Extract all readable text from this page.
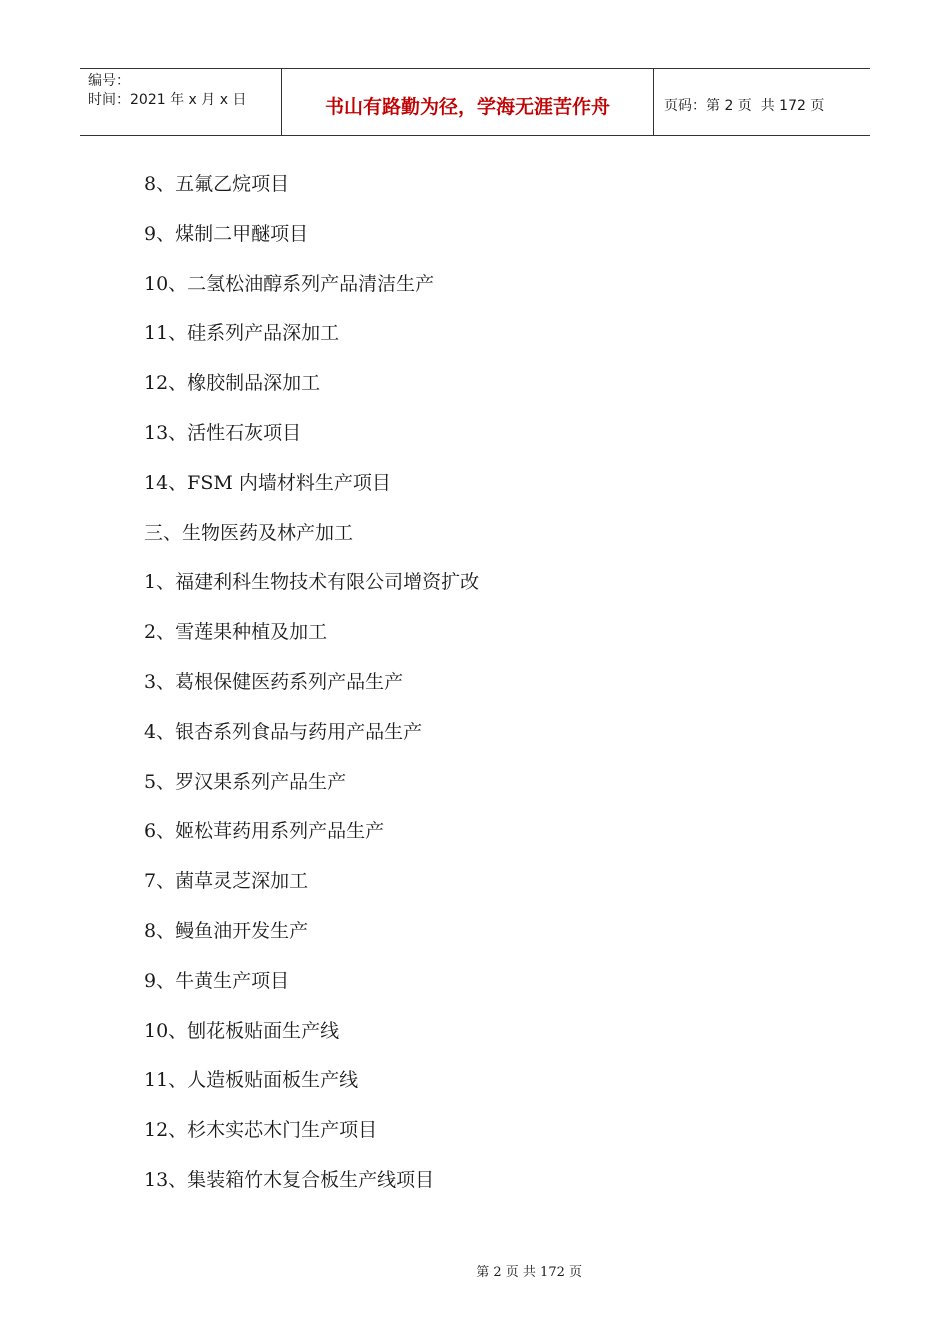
编号：
时间：2021 年 x 月 x 日	书山有路勤为径，学海无涯苦作舟	页码：第 2 页  共 172 页
8、五氟乙烷项目
9、煤制二甲醚项目
10、二氢松油醇系列产品清洁生产
11、硅系列产品深加工
12、橡胶制品深加工
13、活性石灰项目
14、FSM 内墙材料生产项目
三、生物医药及林产加工
1、福建利科生物技术有限公司增资扩改
2、雪莲果种植及加工
3、葛根保健医药系列产品生产
4、银杏系列食品与药用产品生产
5、罗汉果系列产品生产
6、姬松茸药用系列产品生产
7、菌草灵芝深加工
8、鳗鱼油开发生产
9、牛黄生产项目
10、刨花板贴面生产线
11、人造板贴面板生产线
12、杉木实芯木门生产项目
13、集装箱竹木复合板生产线项目

第 2 页 共 172 页
